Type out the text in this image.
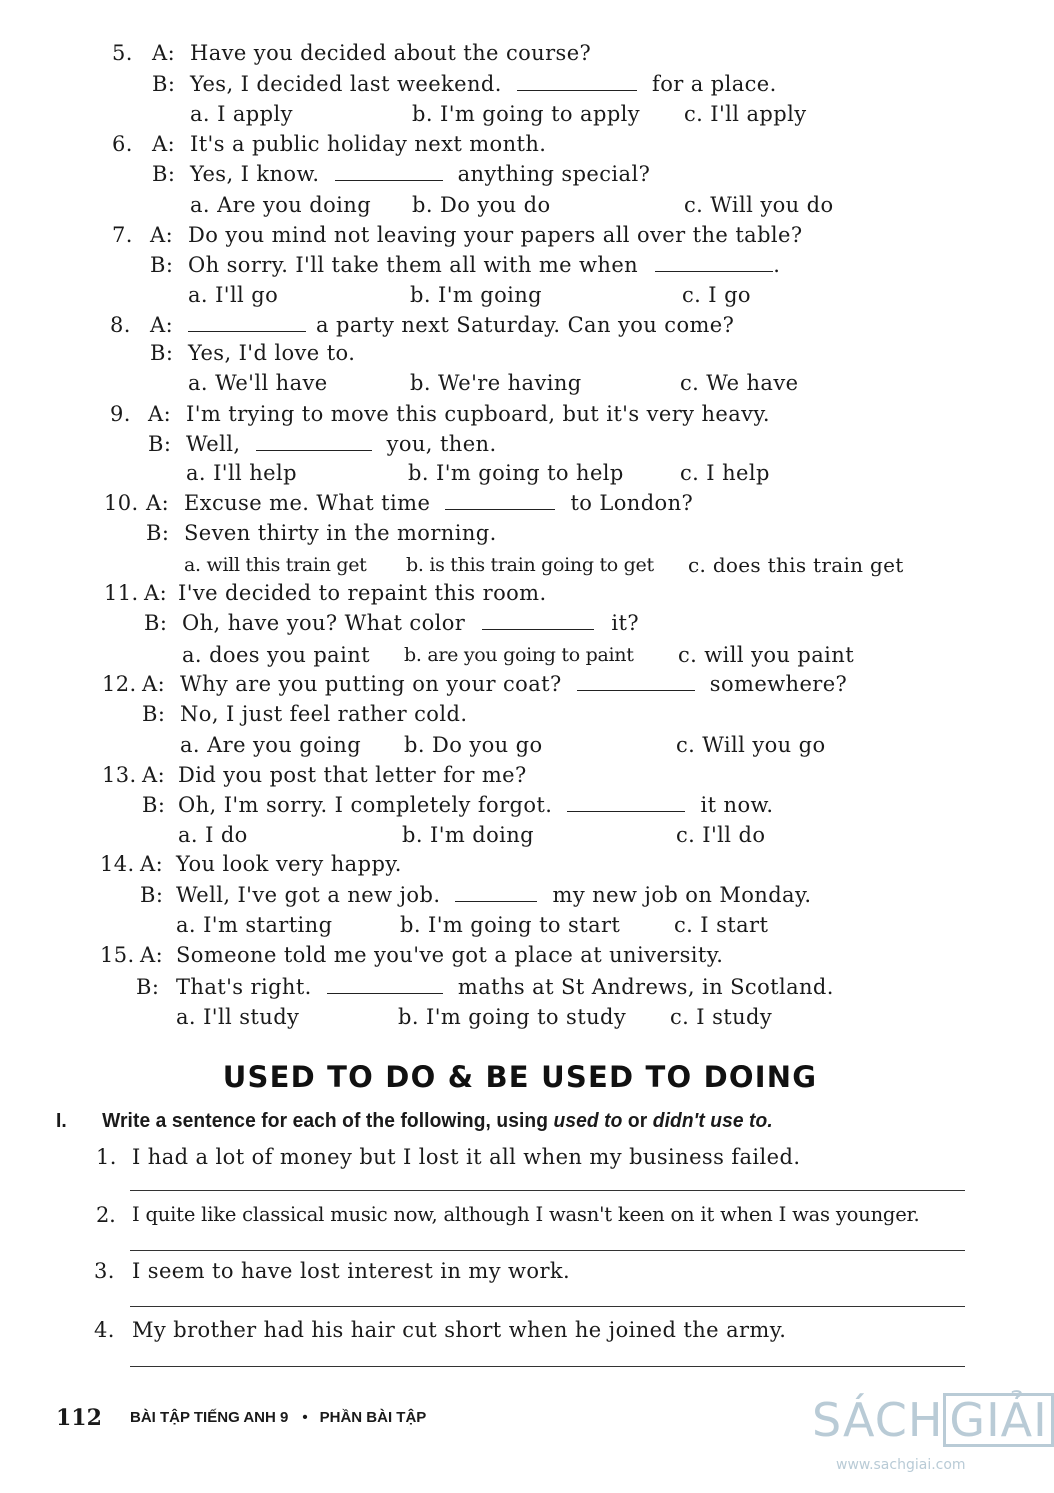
5. A: Have you decided about the course?
B: Yes, I decided last weekend.	for a place.
a. I apply	b. I'm going to apply c. I'll apply
6. A: It's a public holiday next month.
B: Yes, I know.	anything special?
a. Are you doing b. Do you do	c. Will you do
7. A: Do you mind not leaving your papers all over the table?
B: Oh sorry. I'll take them all with me when	.
a. I'll go	b. I'm going	c. I go
8. A:	a party next Saturday. Can you come?
B: Yes, I'd love to.
a. We'll have	b. We're having	c. We have
9. A: I'm trying to move this cupboard, but it's very heavy.
B: Well,	you, then.
a. I'll help	b. I'm going to help	c. I help
10. A: Excuse me. What time	to London?
B: Seven thirty in the morning.
a. will this train get b. is this train going to get c. does this train get
11. A: I've decided to repaint this room.
B: Oh, have you? What color	it?
a. does you paint b. are you going to paint c. will you paint
12. A: Why are you putting on your coat?	somewhere?
B: No, I just feel rather cold.
a. Are you going b. Do you go	c. Will you go
13. A: Did you post that letter for me?
B: Oh, I'm sorry. I completely forgot.	it now.
a. I do	b. I'm doing	c. I'll do
14. A: You look very happy.
B: Well, I've got a new job.	my new job on Monday.
a. I'm starting	b. I'm going to start	c. I start
15. A: Someone told me you've got a place at university.
B: That's right.	maths at St Andrews, in Scotland.
a. I'll study	b. I'm going to study c. I study
USED TO DO & BE USED TO DOING
I. Write a sentence for each of the following, using used to or didn't use to.
1. I had a lot of money but I lost it all when my business failed.
2. I quite like classical music now, although I wasn't keen on it when I was younger.
3. I seem to have lost interest in my work.
4. My brother had his hair cut short when he joined the army.
112 BÀI TẬP TIẾNG ANH 9 • PHẦN BÀI TẬP	SÁCH GIẢI
www.sachgiai.com
